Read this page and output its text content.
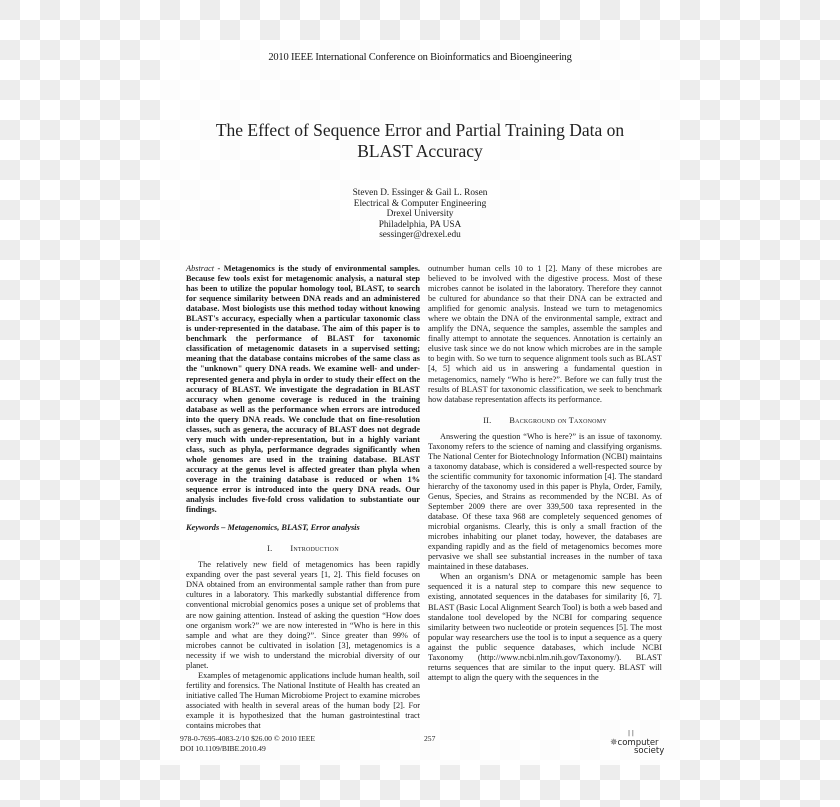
2010 IEEE International Conference on Bioinformatics and Bioengineering
The Effect of Sequence Error and Partial Training Data on
BLAST Accuracy
Steven D. Essinger & Gail L. Rosen
Electrical & Computer Engineering
Drexel University
Philadelphia, PA USA
sessinger@drexel.edu
Abstract - Metagenomics is the study of environmental samples. Because few tools exist for metagenomic analysis, a natural step has been to utilize the popular homology tool, BLAST, to search for sequence similarity between DNA reads and an administered database. Most biologists use this method today without knowing BLAST's accuracy, especially when a particular taxonomic class is under-represented in the database. The aim of this paper is to benchmark the performance of BLAST for taxonomic classification of metagenomic datasets in a supervised setting; meaning that the database contains microbes of the same class as the "unknown" query DNA reads. We examine well- and under-represented genera and phyla in order to study their effect on the accuracy of BLAST. We investigate the degradation in BLAST accuracy when genome coverage is reduced in the training database as well as the performance when errors are introduced into the query DNA reads. We conclude that on fine-resolution classes, such as genera, the accuracy of BLAST does not degrade very much with under-representation, but in a highly variant class, such as phyla, performance degrades significantly when whole genomes are used in the training database. BLAST accuracy at the genus level is affected greater than phyla when coverage in the training database is reduced or when 1% sequence error is introduced into the query DNA reads. Our analysis includes five-fold cross validation to substantiate our findings.
Keywords – Metagenomics, BLAST, Error analysis
I. Introduction

The relatively new field of metagenomics has been rapidly expanding over the past several years [1, 2]. This field focuses on DNA obtained from an environmental sample rather than from pure cultures in a laboratory. This markedly substantial difference from conventional microbial genomics poses a unique set of problems that are now gaining attention. Instead of asking the question “How does one organism work?” we are now interested in “Who is here in this sample and what are they doing?”. Since greater than 99% of microbes cannot be cultivated in isolation [3], metagenomics is a necessity if we wish to understand the microbial diversity of our planet.

Examples of metagenomic applications include human health, soil fertility and forensics. The National Institute of Health has created an initiative called The Human Microbiome Project to examine microbes associated with health in several areas of the human body [2]. For example it is hypothesized that the human gastrointestinal tract contains microbes that

outnumber human cells 10 to 1 [2]. Many of these microbes are believed to be involved with the digestive process. Most of these microbes cannot be isolated in the laboratory. Therefore they cannot be cultured for abundance so that their DNA can be extracted and amplified for genomic analysis. Instead we turn to metagenomics where we obtain the DNA of the environmental sample, extract and amplify the DNA, sequence the samples, assemble the samples and finally attempt to annotate the sequences. Annotation is certainly an elusive task since we do not know which microbes are in the sample to begin with. So we turn to sequence alignment tools such as BLAST [4, 5] which aid us in answering a fundamental question in metagenomics, namely “Who is here?”. Before we can fully trust the results of BLAST for taxonomic classification, we seek to benchmark how database representation affects its performance.

II. Background on Taxonomy

Answering the question “Who is here?” is an issue of taxonomy. Taxonomy refers to the science of naming and classifying organisms. The National Center for Biotechnology Information (NCBI) maintains a taxonomy database, which is considered a well-respected source by the scientific community for taxonomic information [4]. The standard hierarchy of the taxonomy used in this paper is Phyla, Order, Family, Genus, Species, and Strains as recommended by the NCBI. As of September 2009 there are over 339,500 taxa represented in the database. Of these taxa 968 are completely sequenced genomes of microbial organisms. Clearly, this is only a small fraction of the microbes inhabiting our planet today, however, the databases are expanding rapidly and as the field of metagenomics becomes more pervasive we shall see substantial increases in the number of taxa maintained in these databases.

When an organism’s DNA or metagenomic sample has been sequenced it is a natural step to compare this new sequence to existing, annotated sequences in the databases for similarity [6, 7]. BLAST (Basic Local Alignment Search Tool) is both a web based and standalone tool developed by the NCBI for comparing sequence similarity between two nucleotide or protein sequences [5]. The most popular way researchers use the tool is to input a sequence as a query against the public sequence databases, which include NCBI Taxonomy (http://www.ncbi.nlm.nih.gov/Taxonomy/). BLAST returns sequences that are similar to the input query. BLAST will attempt to align the query with the sequences in the

978-0-7695-4083-2/10 $26.00 © 2010 IEEE
DOI 10.1109/BIBE.2010.49
257
| |
✵computer
society
